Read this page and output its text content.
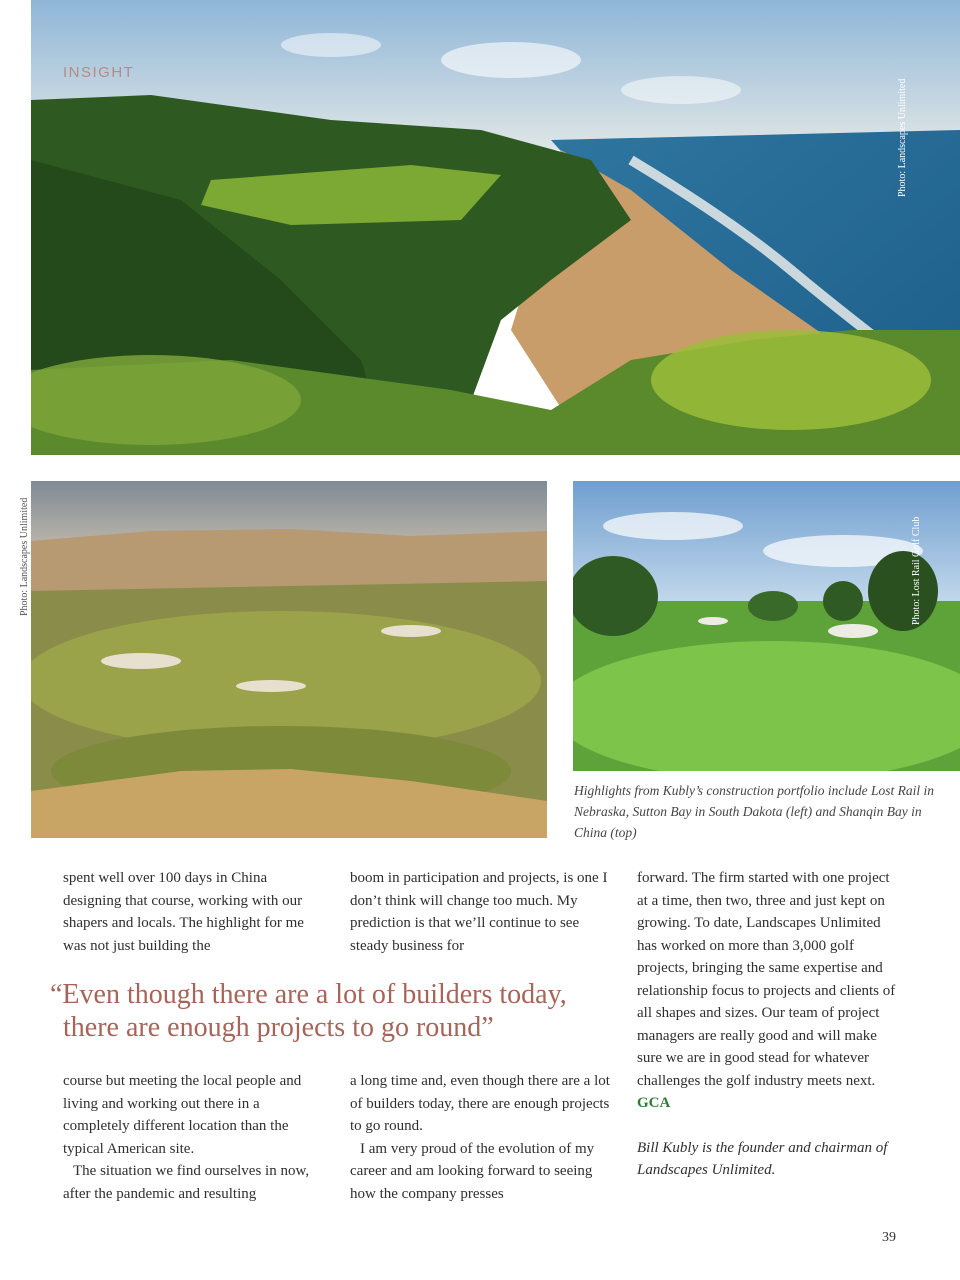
INSIGHT
Photo: Landscapes Unlimited
Photo: Landscapes Unlimited	Photo: Lost Rail Golf Club

Highlights from Kubly’s construction portfolio include Lost Rail in Nebraska, Sutton Bay in South Dakota (left) and Shanqin Bay in China (top)

spent well over 100 days in China designing that course, working with our shapers and locals. The highlight for me was not just building the

boom in participation and projects, is one I don’t think will change too much. My prediction is that we’ll continue to see steady business for

“Even though there are a lot of builders today,
there are enough projects to go round”

course but meeting the local people and living and working out there in a completely different location than the typical American site.
The situation we find ourselves in now, after the pandemic and resulting
a long time and, even though there are a lot of builders today, there are enough projects to go round.
I am very proud of the evolution of my career and am looking forward to seeing how the company presses
forward. The firm started with one project at a time, then two, three and just kept on growing. To date, Landscapes Unlimited has worked on more than 3,000 golf projects, bringing the same expertise and relationship focus to projects and clients of all shapes and sizes. Our team of project managers are really good and will make sure we are in good stead for whatever challenges the golf industry meets next. GCA
Bill Kubly is the founder and chairman of Landscapes Unlimited.
39
